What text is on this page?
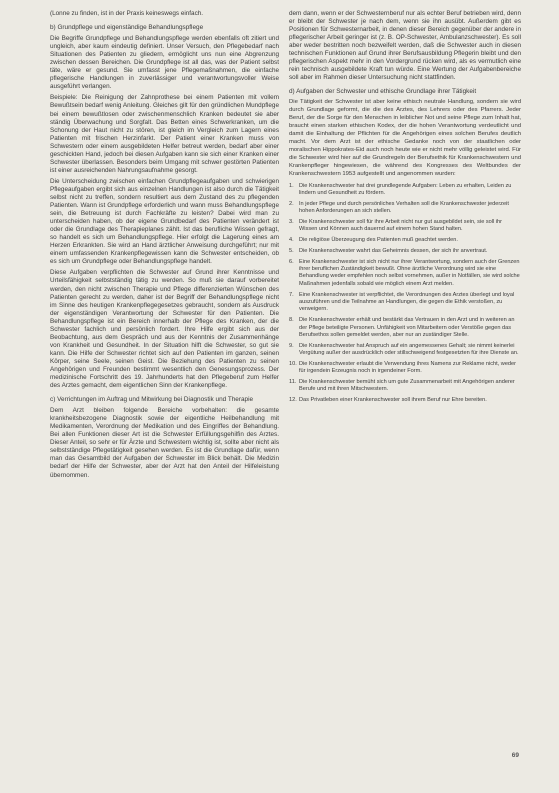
(Lonne zu finden, ist in der Praxis keineswegs einfach.

b) Grundpflege und eigenständige Behandlungspflege

Die Begriffe Grundpflege und Behandlungspflege werden ebenfalls oft zitiert und ungleich, aber kaum eindeutig definiert. Unser Versuch, den Pflegebedarf nach Situationen des Patienten zu gliedern, ermöglicht uns nun eine Abgrenzung zwischen dessen Bereichen. Die Grundpflege ist all das, was der Patient selbst täte, wäre er gesund. Sie umfasst jene Pflegemaßnahmen, die einfache pflegerische Handlungen in zuverlässiger und verantwortungsvoller Weise ausgeführt verlangen.

Beispiele: Die Reinigung der Zahnprothese bei einem Patienten mit vollem Bewußtsein bedarf wenig Anleitung. Gleiches gilt für den gründlichen Mundpflege bei einem bewußtlosen oder zwischenmenschlich Kranken bedeutet sie aber ständig Überwachung und Sorgfalt. Das Betten eines Schwerkranken, um die Schonung der Haut nicht zu stören, ist gleich im Vergleich zum Lagern eines Patienten mit frischen Herzinfarkt. Der Patient einer Kranken muss von Schwestern oder einem ausgebildeten Helfer betreut werden, bedarf aber einer geschickten Hand, jedoch bei diesen Aufgaben kann sie sich einer Kranken einer Schwester überlassen. Besonders beim Umgang mit schwer gestörten Patienten ist einer ausreichenden Nahrungsaufnahme gesorgt.

Die Unterscheidung zwischen einfachen Grundpflegeaufgaben und schwierigen Pflegeaufgaben ergibt sich aus einzelnen Handlungen ist also durch die Tätigkeit selbst nicht zu treffen, sondern resultiert aus dem Zustand des zu pflegenden Patienten. Wann ist Grundpflege erforderlich und wann muss Behandlungspflege sein, die Betreuung ist durch Fachkräfte zu leisten? Dabei wird man zu unterscheiden haben, ob der eigene Grundbedarf des Patienten verändert ist oder die Grundlage des Therapieplanes zählt. Ist das berufliche Wissen gefragt, so handelt es sich um Behandlungspflege. Hier erfolgt die Lagerung eines am Herzen Erkrankten. Sie wird an Hand ärztlicher Anweisung durchgeführt; nur mit einem umfassenden Krankenpflegewissen kann die Schwester entscheiden, ob es sich um Grundpflege oder Behandlungspflege handelt.

Diese Aufgaben verpflichten die Schwester auf Grund ihrer Kenntnisse und Urteilsfähigkeit selbstständig tätig zu werden. So muß sie darauf vorbereitet werden, den nicht zwischen Therapie und Pflege differenzierten Wünschen des Patienten gerecht zu werden, daher ist der Begriff der Behandlungspflege nicht im Sinne des heutigen Krankenpflegegesetzes gebraucht, sondern als Ausdruck der eigenständigen Verantwortung der Schwester für den Patienten. Die Behandlungspflege ist ein Bereich innerhalb der Pflege des Kranken, der die Schwester fachlich und persönlich fordert. Ihre Hilfe ergibt sich aus der Beobachtung, aus dem Gespräch und aus der Kenntnis der Zusammenhänge von Krankheit und Gesundheit. In der Situation hilft die Schwester, so gut sie kann. Die Hilfe der Schwester richtet sich auf den Patienten im ganzen, seinen Körper, seine Seele, seinen Geist. Die Beziehung des Patienten zu seinen Angehörigen und Freunden bestimmt wesentlich den Genesungsprozess. Der medizinische Fortschritt des 19. Jahrhunderts hat den Pflegeberuf zum Helfer des Arztes gemacht, dem eigentlichen Sinn der Krankenpflege.

c) Verrichtungen im Auftrag und Mitwirkung bei Diagnostik und Therapie

Dem Arzt bleiben folgende Bereiche vorbehalten: die gesamte krankheitsbezogene Diagnostik sowie der eigentliche Heilbehandlung mit Medikamenten, Verordnung der Medikation und des Eingriffes der Behandlung. Bei allen Funktionen dieser Art ist die Schwester Erfüllungsgehilfin des Arztes. Dieser Anteil, so sehr er für Ärzte und Schwestern wichtig ist, sollte aber nicht als selbstständige Pflegetätigkeit gesehen werden. Es ist die Grundlage dafür, wenn man das Gesamtbild der Aufgaben der Schwester im Blick behält. Die Medizin bedarf der Hilfe der Schwester, aber der Arzt hat den Anteil der Hilfeleistung übernommen.

dem dann, wenn er der Schwesternberuf nur als echter Beruf betrieben wird, denn er bleibt der Schwester je nach dem, wenn sie ihn ausübt. Außerdem gibt es Positionen für Schwesternarbeit, in denen dieser Bereich gegenüber der andere in pflegerischer Arbeit geringer ist (z. B. OP-Schwester, Ambulanzschwester). Es soll aber weder bestritten noch bezweifelt werden, daß die Schwester auch in diesen technischen Funktionen auf Grund ihrer Berufsausbildung Pflegerin bleibt und den pflegerischen Aspekt mehr in den Vordergrund rücken wird, als es vermutlich eine rein technisch ausgebildete Kraft tun würde. Eine Wertung der Aufgabenbereiche soll aber im Rahmen dieser Untersuchung nicht stattfinden.

d) Aufgaben der Schwester und ethische Grundlage ihrer Tätigkeit

Die Tätigkeit der Schwester ist aber keine ethisch neutrale Handlung, sondern sie wird durch Grundlage geformt, die die des Arztes, des Lehrers oder des Pfarrers. Jeder Beruf, der die Sorge für den Menschen in leiblicher Not und seine Pflege zum Inhalt hat, braucht einen starken ethischen Kodex, der die hohen Verantwortung verdeutlicht und damit die Einhaltung der Pflichten für die Angehörigen eines solchen Berufes deutlich macht. Vor dem Arzt ist der ethische Gedanke noch von der staatlichen oder moralischen Hippokrates-Eid auch noch heute wie er nicht mehr völlig geleistet wird. Für die Schwester wird hier auf die Grundregeln der Berufsethik für Krankenschwestern und Krankenpfleger hingewiesen, die während des Kongresses des Weltbundes der Krankenschwestern 1953 aufgestellt und angenommen wurden:

1. Die Krankenschwester hat drei grundlegende Aufgaben: Leben zu erhalten, Leiden zu lindern und Gesundheit zu fördern.
2. In jeder Pflege und durch persönliches Verhalten soll die Krankenschwester jederzeit hohen Anforderungen an sich stellen.
3. Die Krankenschwester soll für ihre Arbeit nicht nur gut ausgebildet sein, sie soll ihr Wissen und Können auch dauernd auf einem hohen Stand halten.
4. Die religiöse Überzeugung des Patienten muß geachtet werden.
5. Die Krankenschwester wahrt das Geheimnis dessen, der sich ihr anvertraut.
6. Eine Krankenschwester ist sich nicht nur ihrer Verantwortung, sondern auch der Grenzen ihrer beruflichen Zuständigkeit bewußt. Ohne ärztliche Verordnung wird sie eine Behandlung weder empfehlen noch selbst vornehmen, außer in Notfällen, sie wird solche Maßnahmen jedenfalls sobald wie möglich einem Arzt melden.
7. Eine Krankenschwester ist verpflichtet, die Verordnungen des Arztes überlegt und loyal auszuführen und die Teilnahme an Handlungen, die gegen die Ethik verstoßen, zu verweigern.
8. Die Krankenschwester erhält und bestärkt das Vertrauen in den Arzt und in weiteren an der Pflege beteiligte Personen. Unfähigkeit von Mitarbeitern oder Verstöße gegen das Berufsethos sollen gemeldet werden, aber nur an zuständiger Stelle.
9. Die Krankenschwester hat Anspruch auf ein angemessenes Gehalt; sie nimmt keinerlei Vergütung außer der ausdrücklich oder stillschweigend festgesetzten für ihre Dienste an.
10. Die Krankenschwester erlaubt die Verwendung ihres Namens zur Reklame nicht, weder für irgendein Erzeugnis noch in irgendeiner Form.
11. Die Krankenschwester bemüht sich um gute Zusammenarbeit mit Angehörigen anderer Berufe und mit ihren Mitschwestern.
12. Das Privatleben einer Krankenschwester soll ihrem Beruf nur Ehre bereiten.
69
